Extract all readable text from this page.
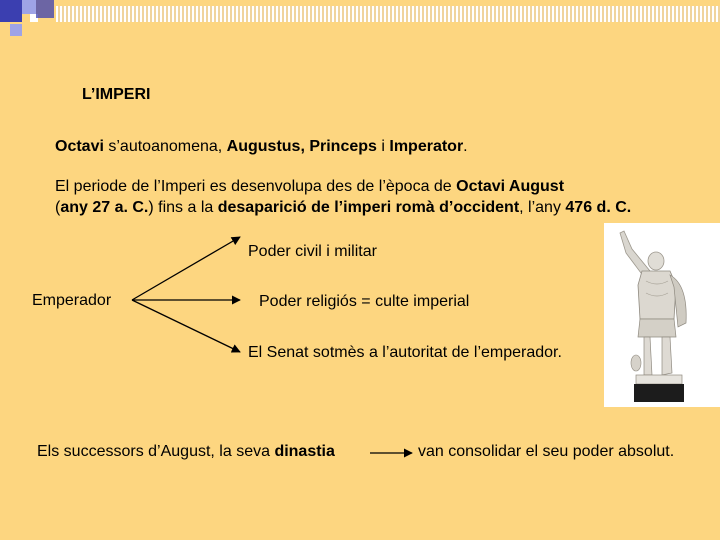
L’IMPERI
Octavi s’autoanomena, Augustus, Princeps i Imperator.
El periode de l’Imperi es desenvolupa des de l’època de Octavi August
(any 27 a. C.) fins a la desaparició de l’imperi romà d’occident, l’any 476 d. C.
Emperador
Poder civil i militar
Poder religiós = culte imperial
El Senat sotmès a l’autoritat de l’emperador.
Els successors d’August, la seva dinastia	van consolidar el seu poder absolut.
